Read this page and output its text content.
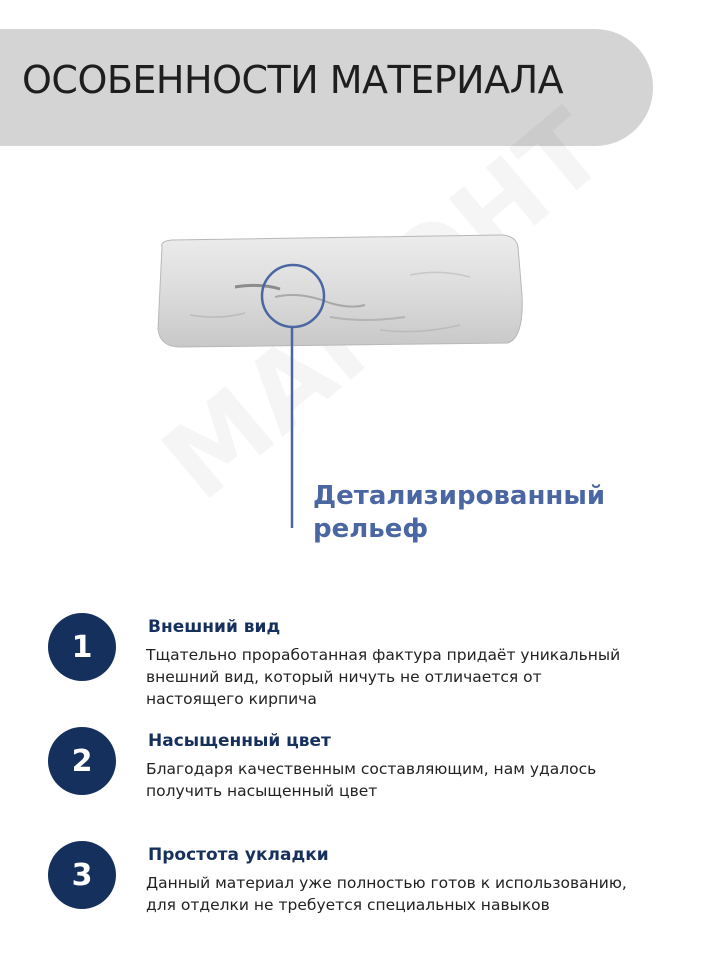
ОСОБЕННОСТИ МАТЕРИАЛА
Детализированный
рельеф
1
Внешний вид
Тщательно проработанная фактура придаёт уникальный
внешний вид, который ничуть не отличается от
настоящего кирпича
2
Насыщенный цвет
Благодаря качественным составляющим, нам удалось
получить насыщенный цвет
3
Простота укладки
Данный материал уже полностью готов к использованию,
для отделки не требуется специальных навыков
